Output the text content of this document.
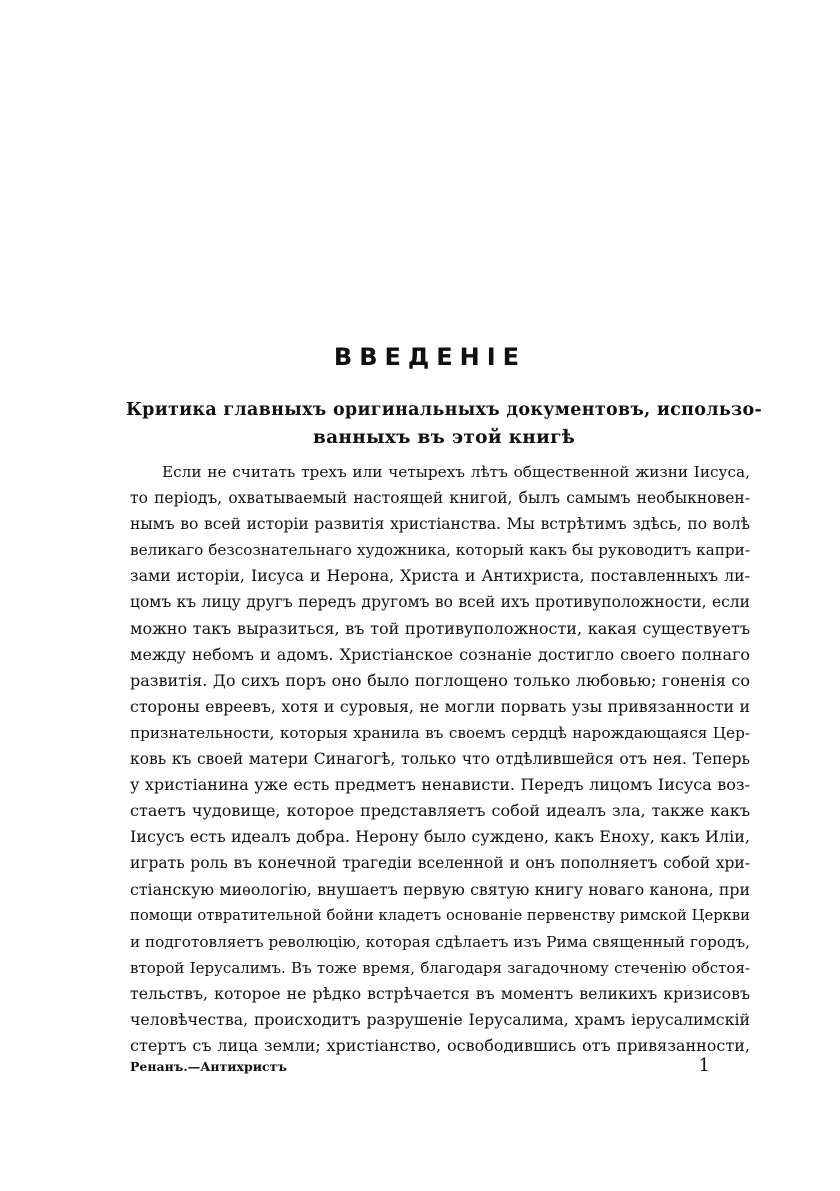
ВВЕДЕНІЕ
Критика главныхъ оригинальныхъ документовъ, использо-
ванныхъ въ этой книгѣ
Если не считать трехъ или четырехъ лѣтъ общественной жизни Іисуса,
то періодъ, охватываемый настоящей книгой, былъ самымъ необыкновен-
нымъ во всей исторіи развитія христіанства. Мы встрѣтимъ здѣсь, по волѣ
великаго безсознательнаго художника, который какъ бы руководитъ капри-
зами исторіи, Іисуса и Нерона, Христа и Антихриста, поставленныхъ ли-
цомъ къ лицу другъ передъ другомъ во всей ихъ противуположности, если
можно такъ выразиться, въ той противуположности, какая существуетъ
между небомъ и адомъ. Христіанское сознаніе достигло своего полнаго
развитія. До сихъ поръ оно было поглощено только любовью; гоненія со
стороны евреевъ, хотя и суровыя, не могли порвать узы привязанности и
признательности, которыя хранила въ своемъ сердцѣ нарождающаяся Цер-
ковь къ своей матери Синагогѣ, только что отдѣлившейся отъ нея. Теперь
у христіанина уже есть предметъ ненависти. Передъ лицомъ Іисуса воз-
стаетъ чудовище, которое представляетъ собой идеалъ зла, также какъ
Іисусъ есть идеалъ добра. Нерону было суждено, какъ Еноху, какъ Иліи,
играть роль въ конечной трагедіи вселенной и онъ пополняетъ собой хри-
стіанскую миѳологію, внушаетъ первую святую книгу новаго канона, при
помощи отвратительной бойни кладетъ основаніе первенству римской Церкви
и подготовляетъ революцію, которая сдѣлаетъ изъ Рима священный городъ,
второй Іерусалимъ. Въ тоже время, благодаря загадочному стеченію обстоя-
тельствъ, которое не рѣдко встрѣчается въ моментъ великихъ кризисовъ
человѣчества, происходитъ разрушеніе Іерусалима, храмъ іерусалимскій
стертъ съ лица земли; христіанство, освободившись отъ привязанности,
Ренанъ.—Антихристъ	1
